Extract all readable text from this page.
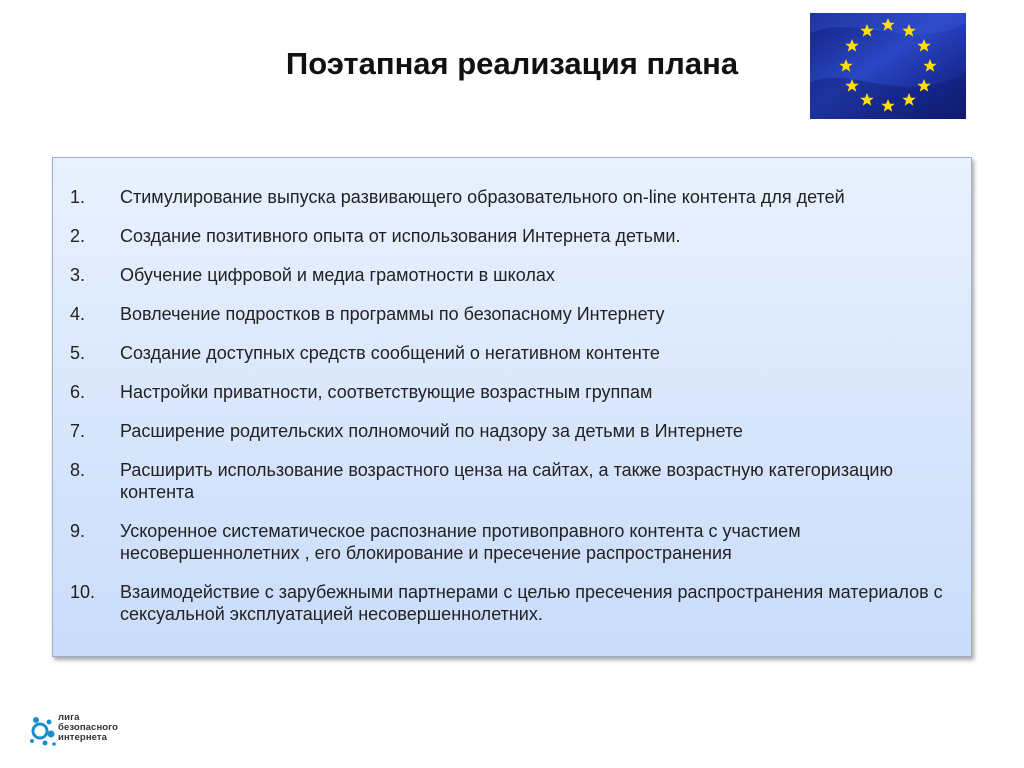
Поэтапная реализация плана
1.	Стимулирование выпуска развивающего образовательного on-line контента для детей
2.	Создание позитивного опыта от использования Интернета детьми.
3.	Обучение цифровой и медиа грамотности в школах
4.	Вовлечение подростков в программы по безопасному Интернету
5.	Создание доступных средств сообщений о негативном контенте
6.	Настройки приватности, соответствующие возрастным группам
7.	Расширение родительских полномочий по надзору за детьми в Интернете
8.	Расширить использование возрастного ценза на сайтах, а также возрастную категоризацию контента
9.	Ускоренное систематическое распознание противоправного контента с участием несовершеннолетних , его блокирование и пресечение распространения
10.	Взаимодействие с зарубежными партнерами с целью пресечения распространения материалов с сексуальной эксплуатацией несовершеннолетних.
лига
безопасного
интернета
